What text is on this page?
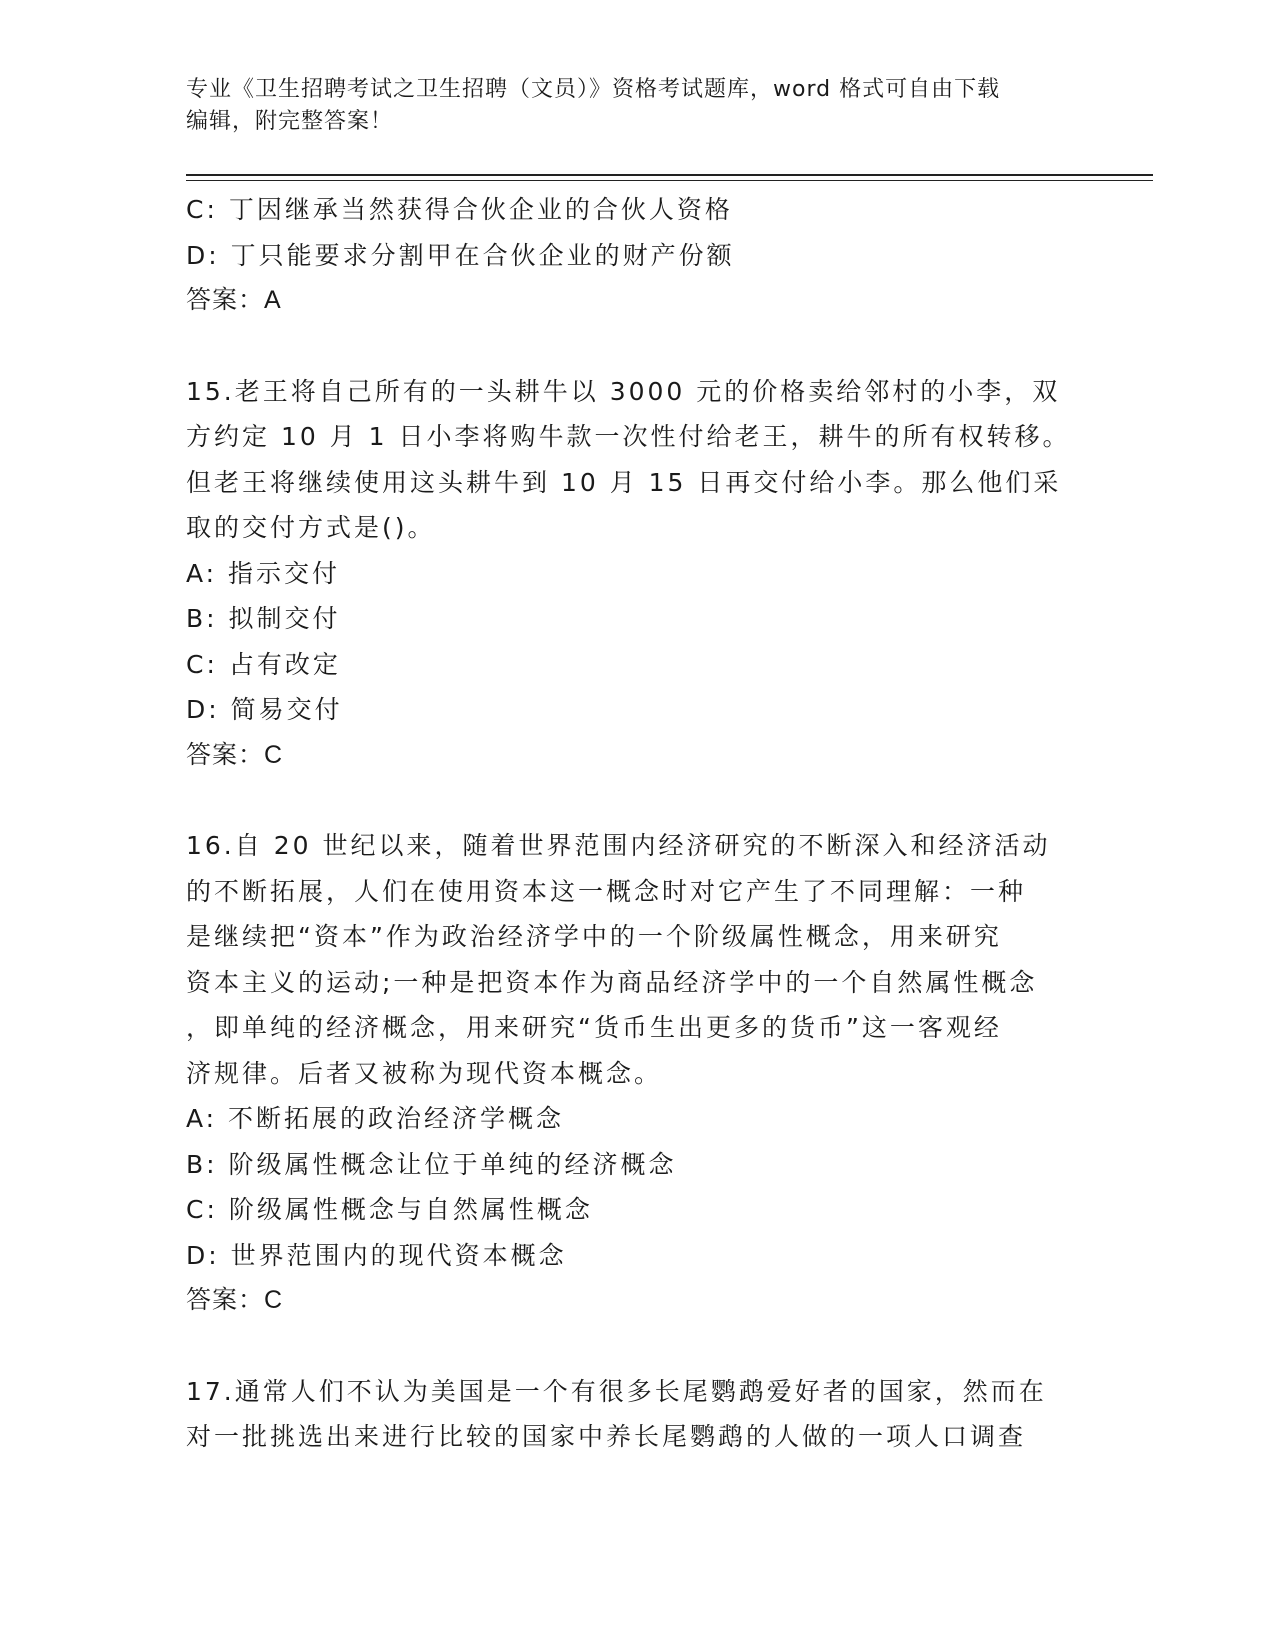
专业《卫生招聘考试之卫生招聘（文员）》资格考试题库，word 格式可自由下载
编辑，附完整答案！
C: 丁因继承当然获得合伙企业的合伙人资格
D: 丁只能要求分割甲在合伙企业的财产份额
答案：A
15.老王将自己所有的一头耕牛以 3000 元的价格卖给邻村的小李，双
方约定 10 月 1 日小李将购牛款一次性付给老王，耕牛的所有权转移。
但老王将继续使用这头耕牛到 10 月 15 日再交付给小李。那么他们采
取的交付方式是()。
A: 指示交付
B: 拟制交付
C: 占有改定
D: 简易交付
答案：C
16.自 20 世纪以来，随着世界范围内经济研究的不断深入和经济活动
的不断拓展，人们在使用资本这一概念时对它产生了不同理解：一种
是继续把“资本”作为政治经济学中的一个阶级属性概念，用来研究
资本主义的运动;一种是把资本作为商品经济学中的一个自然属性概念
，即单纯的经济概念，用来研究“货币生出更多的货币”这一客观经
济规律。后者又被称为现代资本概念。
A: 不断拓展的政治经济学概念
B: 阶级属性概念让位于单纯的经济概念
C: 阶级属性概念与自然属性概念
D: 世界范围内的现代资本概念
答案：C
17.通常人们不认为美国是一个有很多长尾鹦鹉爱好者的国家，然而在
对一批挑选出来进行比较的国家中养长尾鹦鹉的人做的一项人口调查
